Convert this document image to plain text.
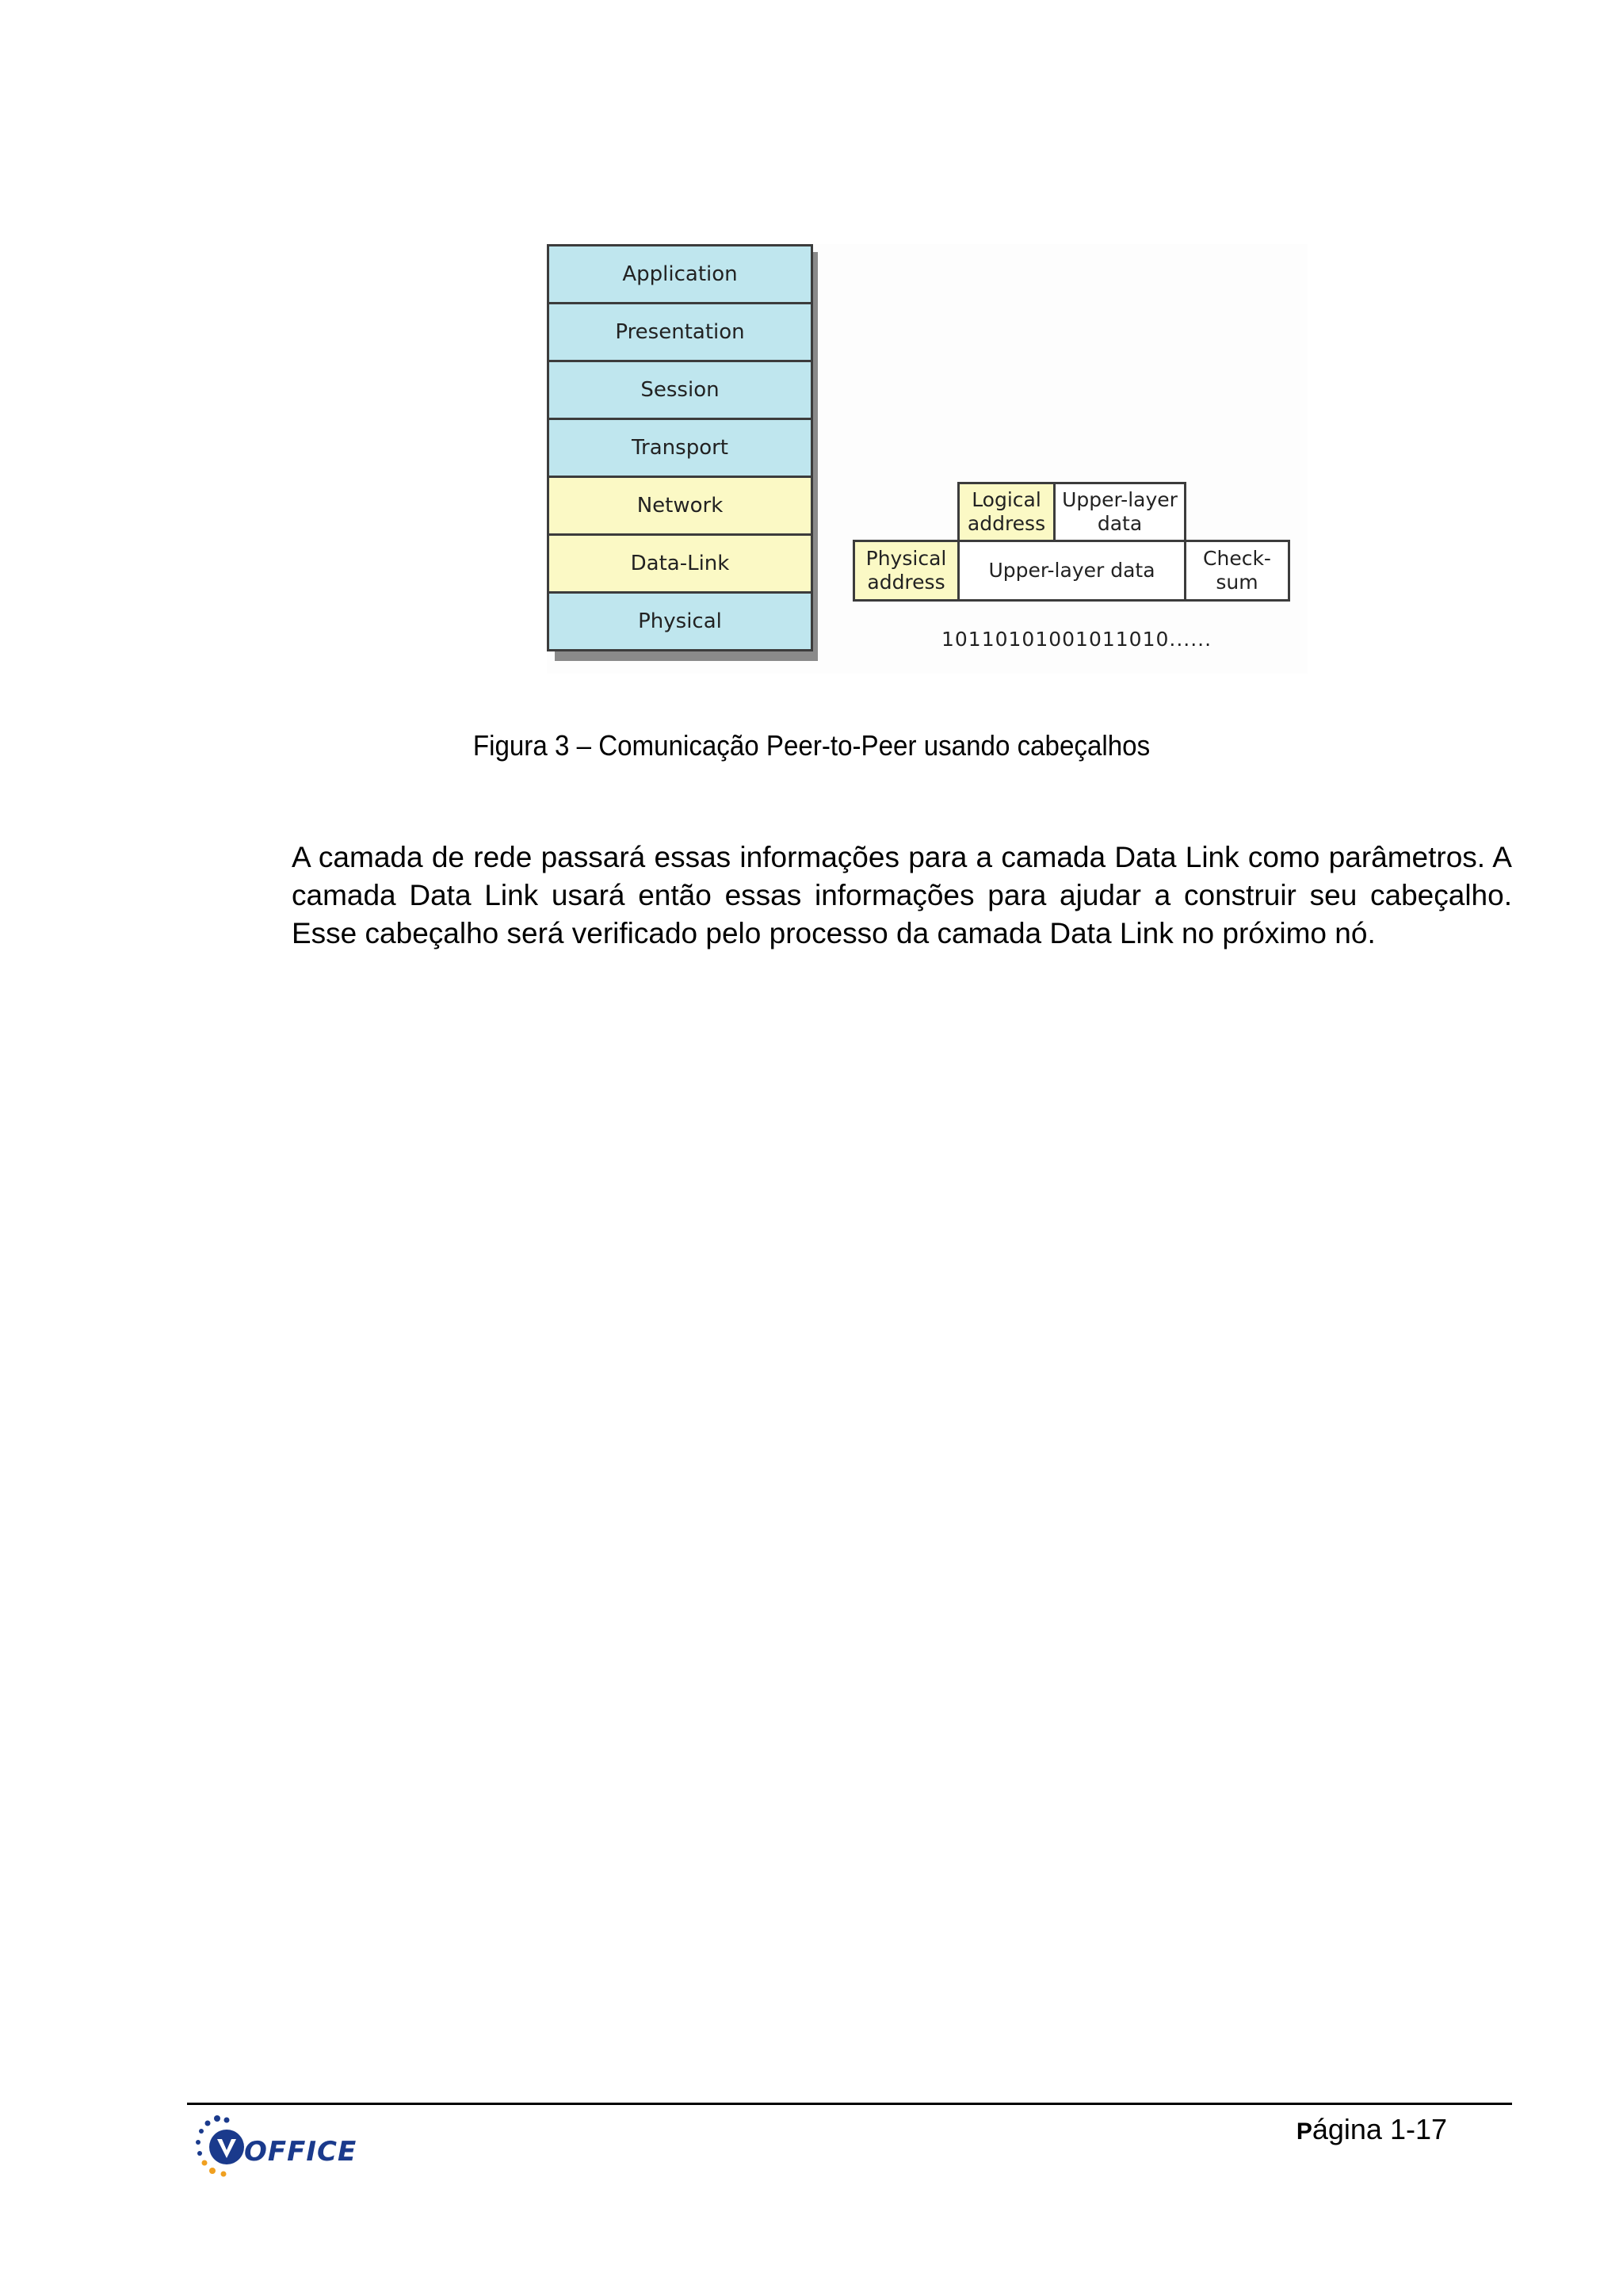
Application
Presentation
Session
Transport
Network
Data-Link
Physical
Logical
address
Upper-layer
data
Physical
address
Upper-layer data
Check-
sum
10110101001011010......
Figura 3 – Comunicação Peer-to-Peer usando cabeçalhos

A camada de rede passará essas informações para a camada Data Link como parâmetros. A camada Data Link usará então essas informações para ajudar a construir seu cabeçalho. Esse cabeçalho será verificado pelo processo da camada Data Link no próximo nó.

OFFICE
Página 1-17
